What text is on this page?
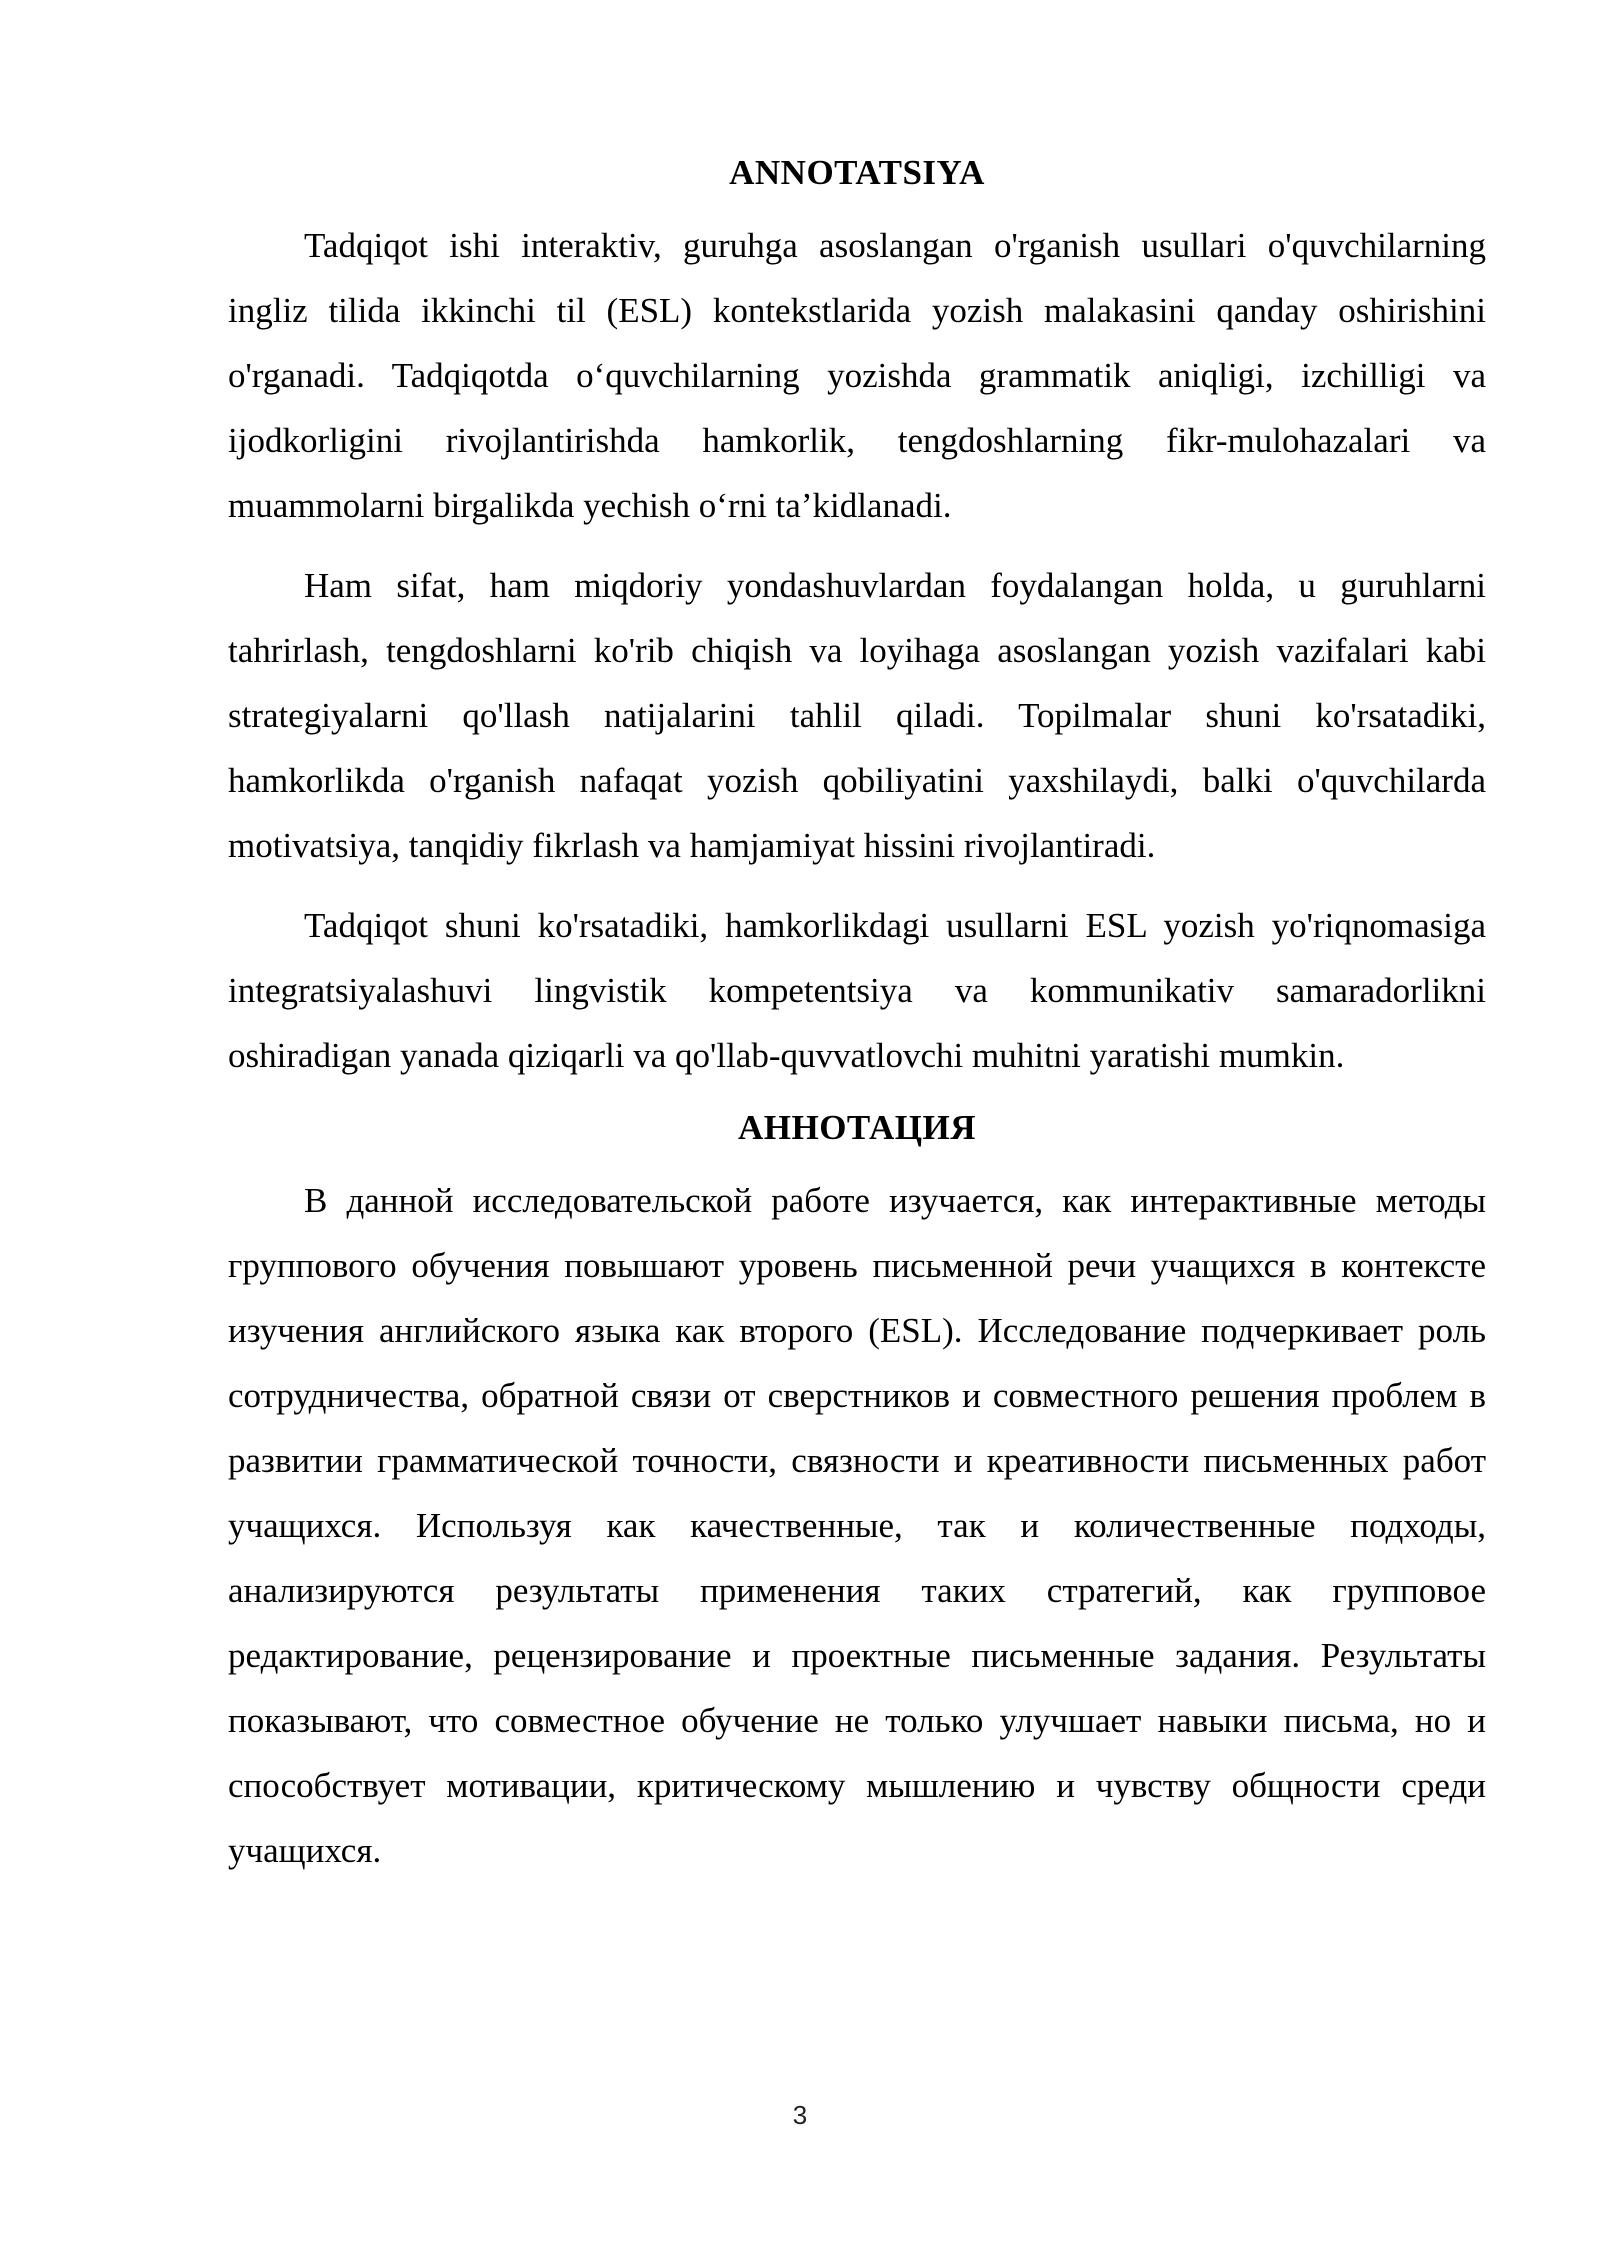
ANNOTATSIYA

Tadqiqot ishi interaktiv, guruhga asoslangan o'rganish usullari o'quvchilarning ingliz tilida ikkinchi til (ESL) kontekstlarida yozish malakasini qanday oshirishini o'rganadi. Tadqiqotda o‘quvchilarning yozishda grammatik aniqligi, izchilligi va ijodkorligini rivojlantirishda hamkorlik, tengdoshlarning fikr-mulohazalari va muammolarni birgalikda yechish o‘rni ta’kidlanadi.

Ham sifat, ham miqdoriy yondashuvlardan foydalangan holda, u guruhlarni tahrirlash, tengdoshlarni ko'rib chiqish va loyihaga asoslangan yozish vazifalari kabi strategiyalarni qo'llash natijalarini tahlil qiladi. Topilmalar shuni ko'rsatadiki, hamkorlikda o'rganish nafaqat yozish qobiliyatini yaxshilaydi, balki o'quvchilarda motivatsiya, tanqidiy fikrlash va hamjamiyat hissini rivojlantiradi.

Tadqiqot shuni ko'rsatadiki, hamkorlikdagi usullarni ESL yozish yo'riqnomasiga integratsiyalashuvi lingvistik kompetentsiya va kommunikativ samaradorlikni oshiradigan yanada qiziqarli va qo'llab-quvvatlovchi muhitni yaratishi mumkin.

АННОТАЦИЯ

В данной исследовательской работе изучается, как интерактивные методы группового обучения повышают уровень письменной речи учащихся в контексте изучения английского языка как второго (ESL). Исследование подчеркивает роль сотрудничества, обратной связи от сверстников и совместного решения проблем в развитии грамматической точности, связности и креативности письменных работ учащихся. Используя как качественные, так и количественные подходы, анализируются результаты применения таких стратегий, как групповое редактирование, рецензирование и проектные письменные задания. Результаты показывают, что совместное обучение не только улучшает навыки письма, но и способствует мотивации, критическому мышлению и чувству общности среди учащихся.

3
